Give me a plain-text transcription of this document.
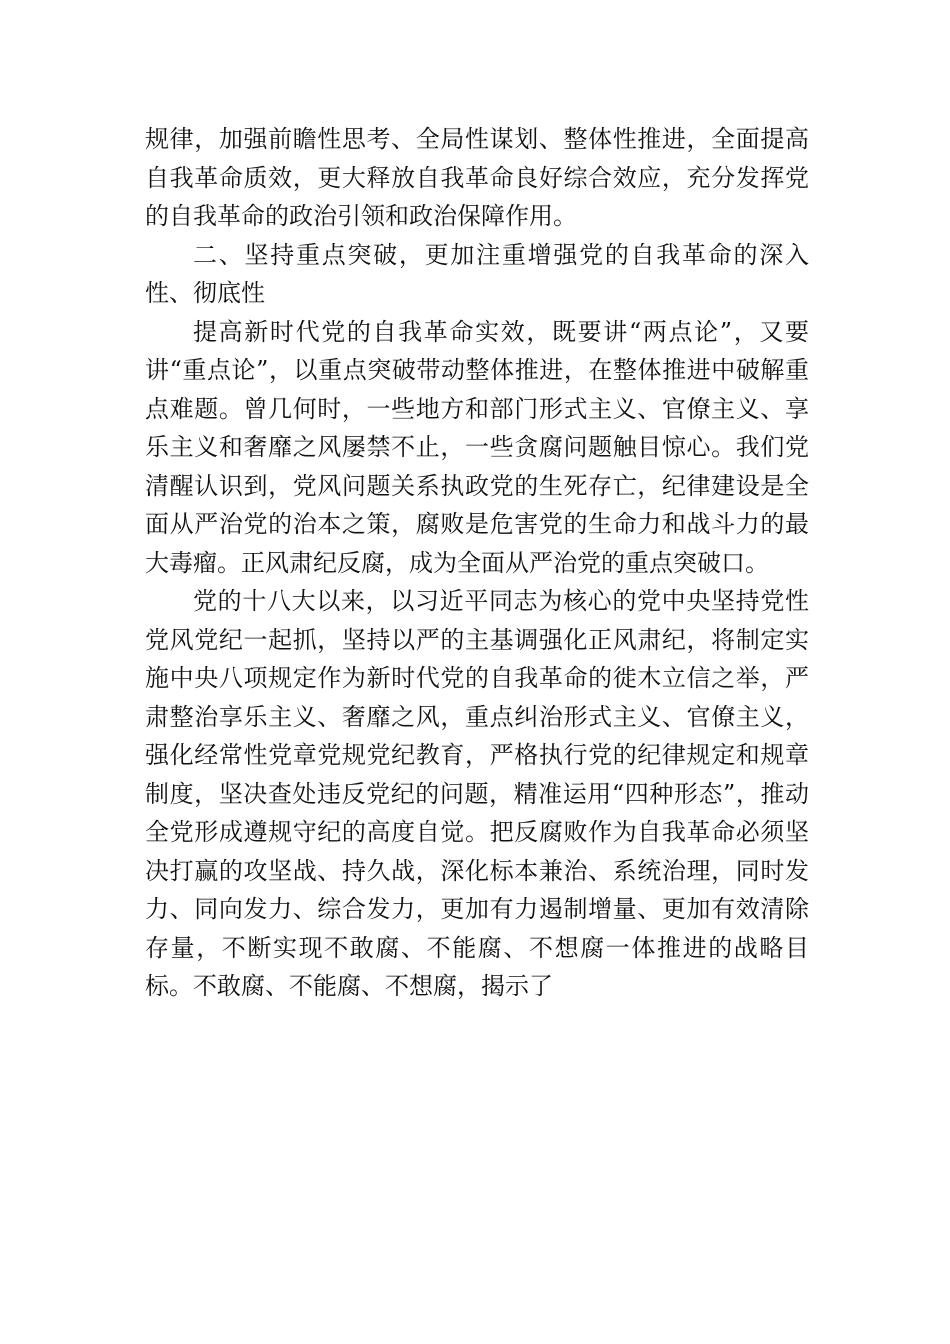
规律，加强前瞻性思考、全局性谋划、整体性推进，全面提高自我革命质效，更大释放自我革命良好综合效应，充分发挥党的自我革命的政治引领和政治保障作用。

二、坚持重点突破，更加注重增强党的自我革命的深入性、彻底性

提高新时代党的自我革命实效，既要讲“两点论”，又要讲“重点论”，以重点突破带动整体推进，在整体推进中破解重点难题。曾几何时，一些地方和部门形式主义、官僚主义、享乐主义和奢靡之风屡禁不止，一些贪腐问题触目惊心。我们党清醒认识到，党风问题关系执政党的生死存亡，纪律建设是全面从严治党的治本之策，腐败是危害党的生命力和战斗力的最大毒瘤。正风肃纪反腐，成为全面从严治党的重点突破口。

党的十八大以来，以习近平同志为核心的党中央坚持党性党风党纪一起抓，坚持以严的主基调强化正风肃纪，将制定实施中央八项规定作为新时代党的自我革命的徙木立信之举，严肃整治享乐主义、奢靡之风，重点纠治形式主义、官僚主义，强化经常性党章党规党纪教育，严格执行党的纪律规定和规章制度，坚决查处违反党纪的问题，精准运用“四种形态”，推动全党形成遵规守纪的高度自觉。把反腐败作为自我革命必须坚决打赢的攻坚战、持久战，深化标本兼治、系统治理，同时发力、同向发力、综合发力，更加有力遏制增量、更加有效清除存量，不断实现不敢腐、不能腐、不想腐一体推进的战略目标。不敢腐、不能腐、不想腐，揭示了
